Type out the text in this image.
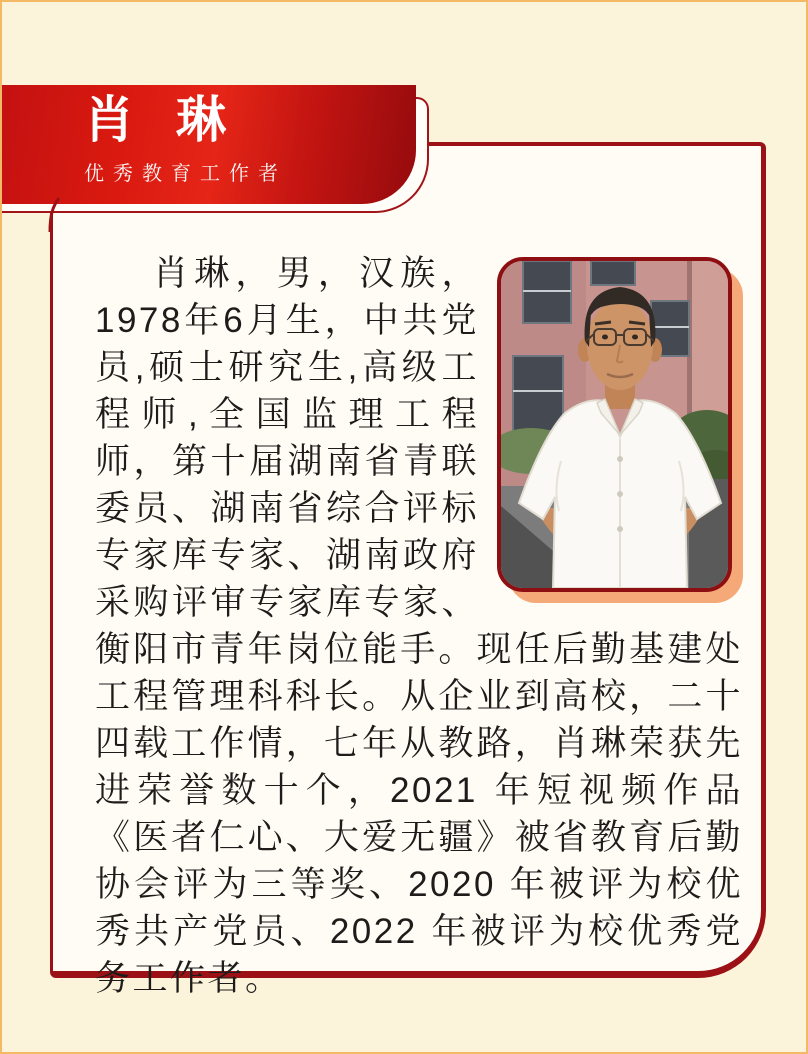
肖琳
优秀教育工作者

肖琳，男，汉族，1978年6月生，中共党员,硕士研究生,高级工程师,全国监理工程师，第十届湖南省青联委员、湖南省综合评标专家库专家、湖南政府采购评审专家库专家、衡阳市青年岗位能手。现任后勤基建处工程管理科科长。从企业到高校，二十四载工作情，七年从教路，肖琳荣获先进荣誉数十个，2021 年短视频作品《医者仁心、大爱无疆》被省教育后勤协会评为三等奖、2020 年被评为校优秀共产党员、2022 年被评为校优秀党务工作者。
